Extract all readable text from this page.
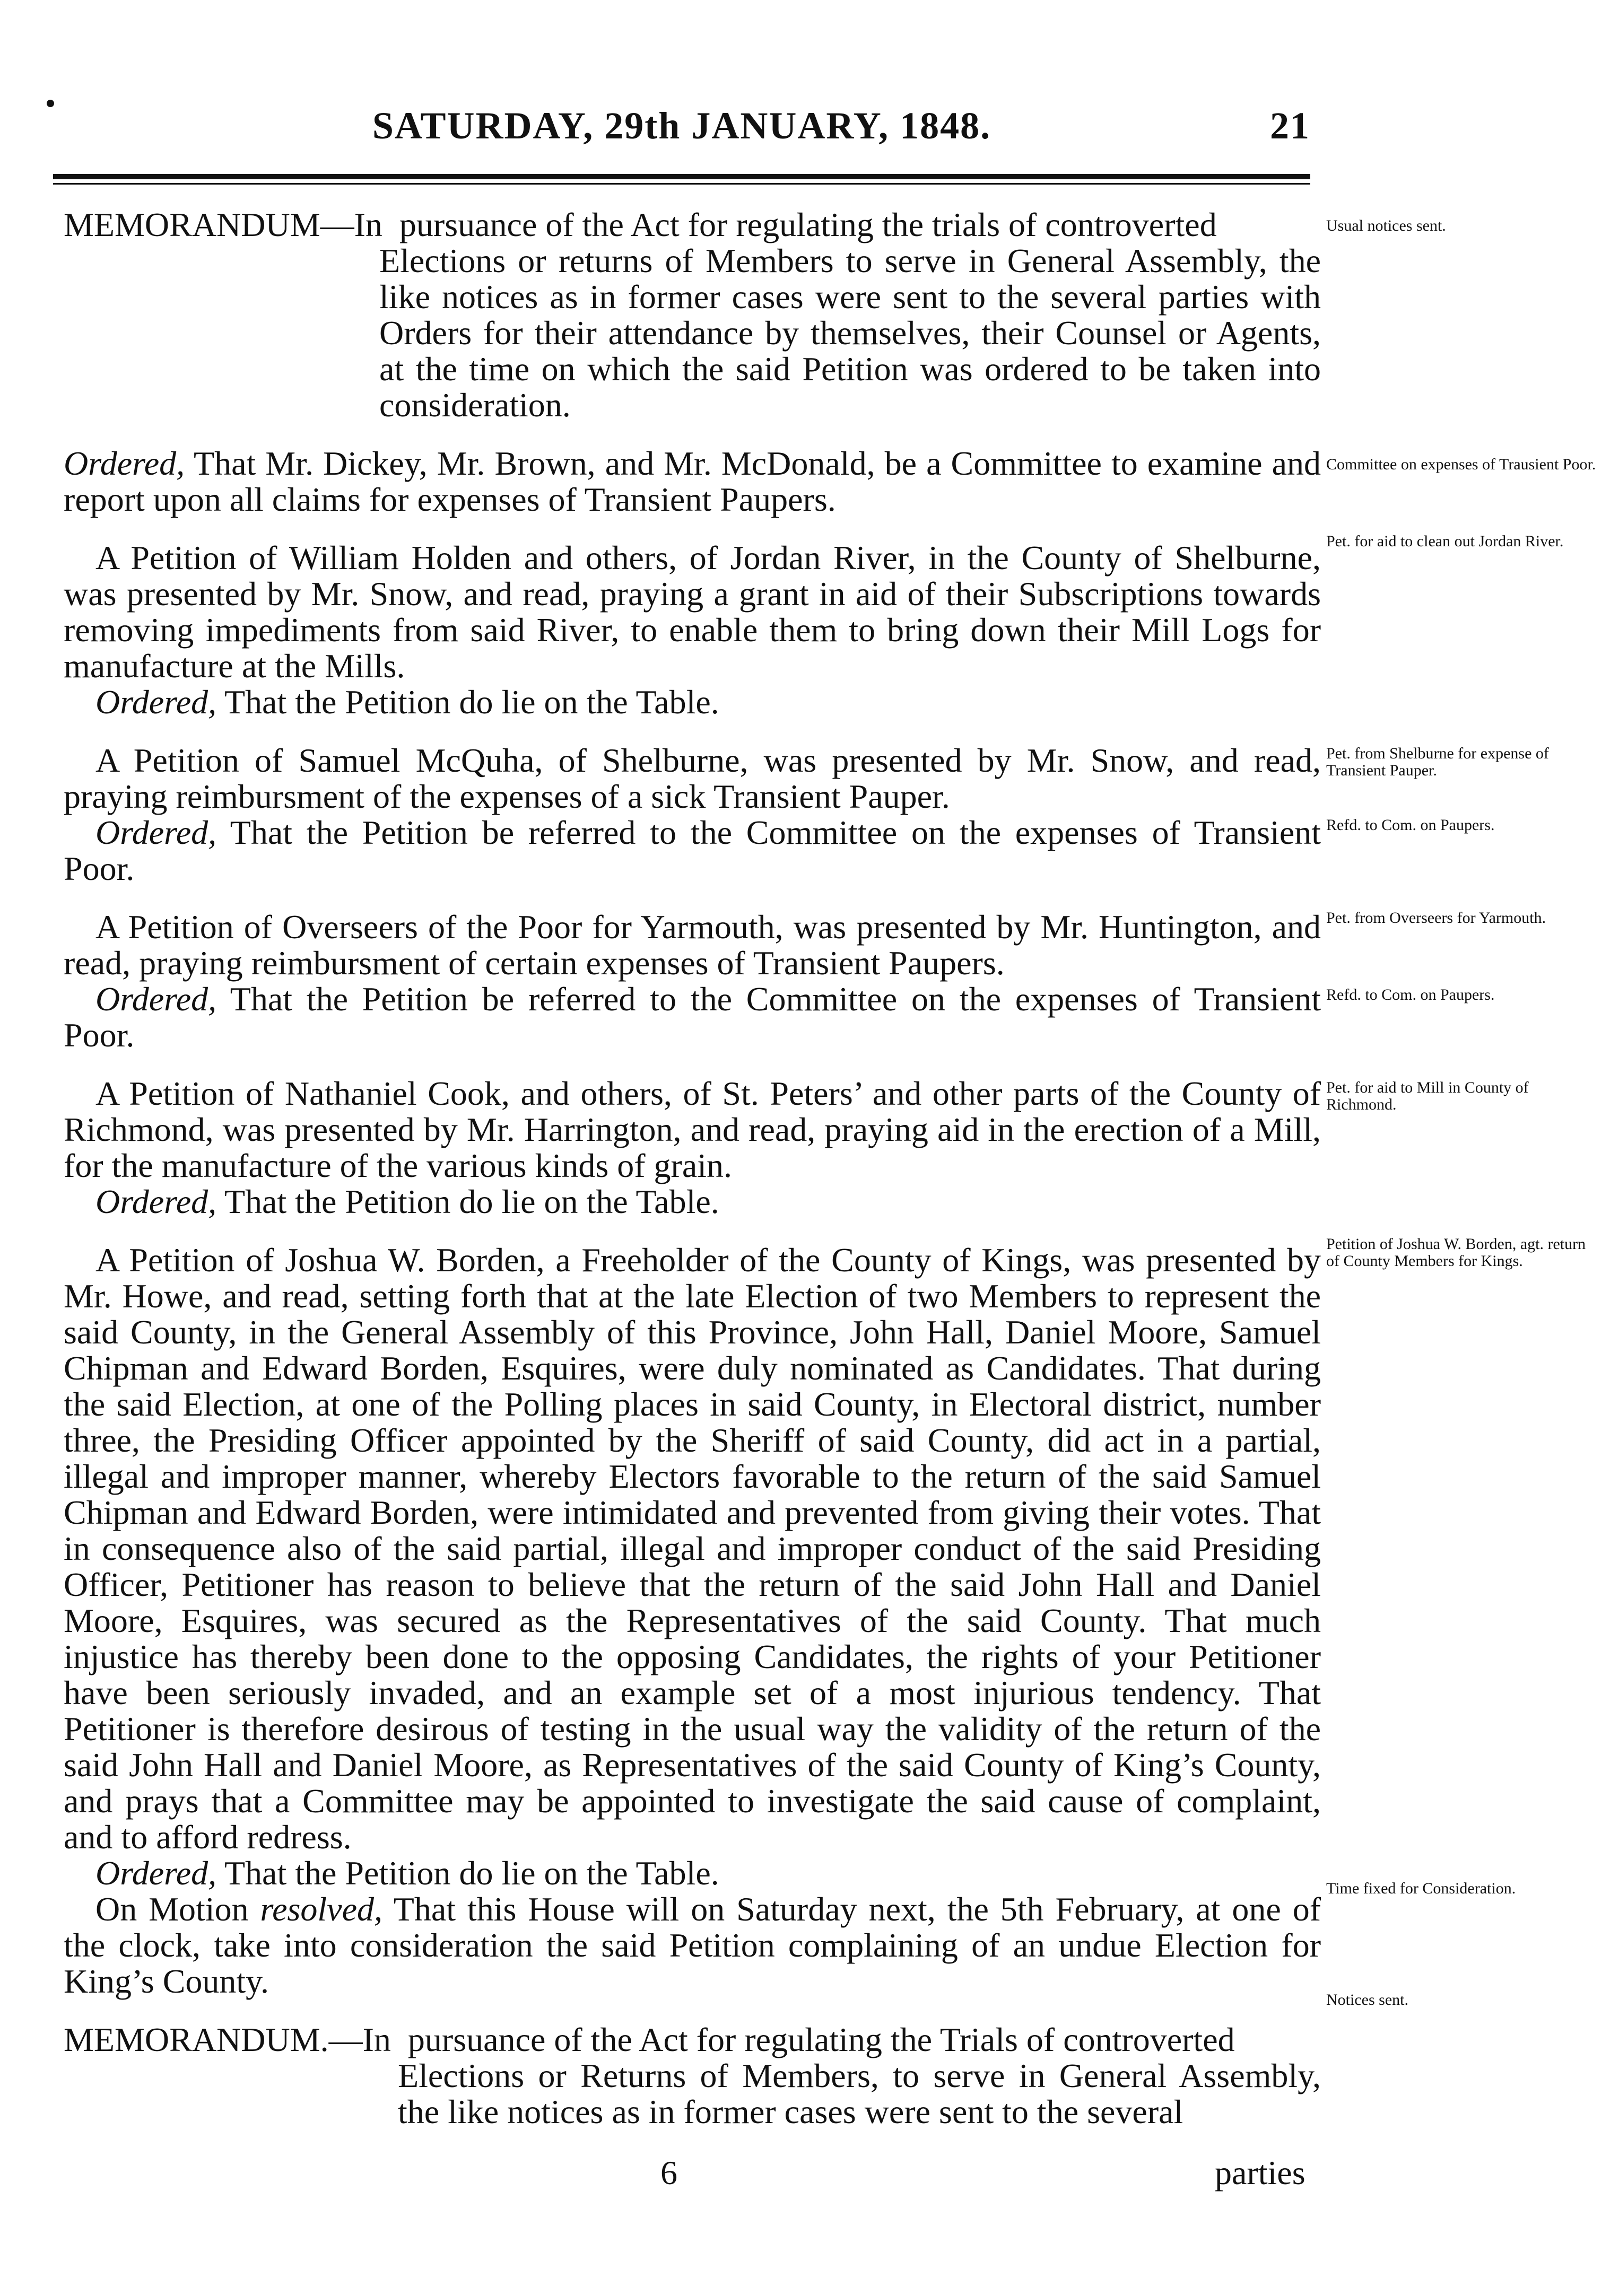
SATURDAY, 29th JANUARY, 1848.	21

MEMORANDUM—In pursuance of the Act for regulating the trials of controverted

Elections or returns of Members to serve in General Assembly, the like notices as in former cases were sent to the several parties with Orders for their attendance by themselves, their Counsel or Agents, at the time on which the said Petition was ordered to be taken into consideration.

Ordered, That Mr. Dickey, Mr. Brown, and Mr. McDonald, be a Committee to examine and report upon all claims for expenses of Transient Paupers.

A Petition of William Holden and others, of Jordan River, in the County of Shelburne, was presented by Mr. Snow, and read, praying a grant in aid of their Subscriptions towards removing impediments from said River, to enable them to bring down their Mill Logs for manufacture at the Mills.

Ordered, That the Petition do lie on the Table.

A Petition of Samuel McQuha, of Shelburne, was presented by Mr. Snow, and read, praying reimbursment of the expenses of a sick Transient Pauper.

Ordered, That the Petition be referred to the Committee on the expenses of Transient Poor.

A Petition of Overseers of the Poor for Yarmouth, was presented by Mr. Huntington, and read, praying reimbursment of certain expenses of Transient Paupers.

Ordered, That the Petition be referred to the Committee on the expenses of Transient Poor.

A Petition of Nathaniel Cook, and others, of St. Peters’ and other parts of the County of Richmond, was presented by Mr. Harrington, and read, praying aid in the erection of a Mill, for the manufacture of the various kinds of grain.

Ordered, That the Petition do lie on the Table.

A Petition of Joshua W. Borden, a Freeholder of the County of Kings, was presented by Mr. Howe, and read, setting forth that at the late Election of two Members to represent the said County, in the General Assembly of this Province, John Hall, Daniel Moore, Samuel Chipman and Edward Borden, Esquires, were duly nominated as Candidates. That during the said Election, at one of the Polling places in said County, in Electoral district, number three, the Presiding Officer appointed by the Sheriff of said County, did act in a partial, illegal and improper manner, whereby Electors favorable to the return of the said Samuel Chipman and Edward Borden, were intimidated and prevented from giving their votes. That in consequence also of the said partial, illegal and improper conduct of the said Presiding Officer, Petitioner has reason to believe that the return of the said John Hall and Daniel Moore, Esquires, was secured as the Representatives of the said County. That much injustice has thereby been done to the opposing Candidates, the rights of your Petitioner have been seriously invaded, and an example set of a most injurious tendency. That Petitioner is therefore desirous of testing in the usual way the validity of the return of the said John Hall and Daniel Moore, as Representatives of the said County of King’s County, and prays that a Committee may be appointed to investigate the said cause of complaint, and to afford redress.

Ordered, That the Petition do lie on the Table.

On Motion resolved, That this House will on Saturday next, the 5th February, at one of the clock, take into consideration the said Petition complaining of an undue Election for King’s County.

MEMORANDUM.—In pursuance of the Act for regulating the Trials of controverted

Elections or Returns of Members, to serve in General Assembly, the like notices as in former cases were sent to the several

Usual notices sent.
Committee on expenses of Trausient Poor.
Pet. for aid to clean out Jordan River.
Pet. from Shelburne for expense of Transient Pauper.
Refd. to Com. on Paupers.
Pet. from Overseers for Yarmouth.
Refd. to Com. on Paupers.
Pet. for aid to Mill in County of Richmond.
Petition of Joshua W. Borden, agt. return of County Members for Kings.
Time fixed for Consideration.
Notices sent.
6	parties
